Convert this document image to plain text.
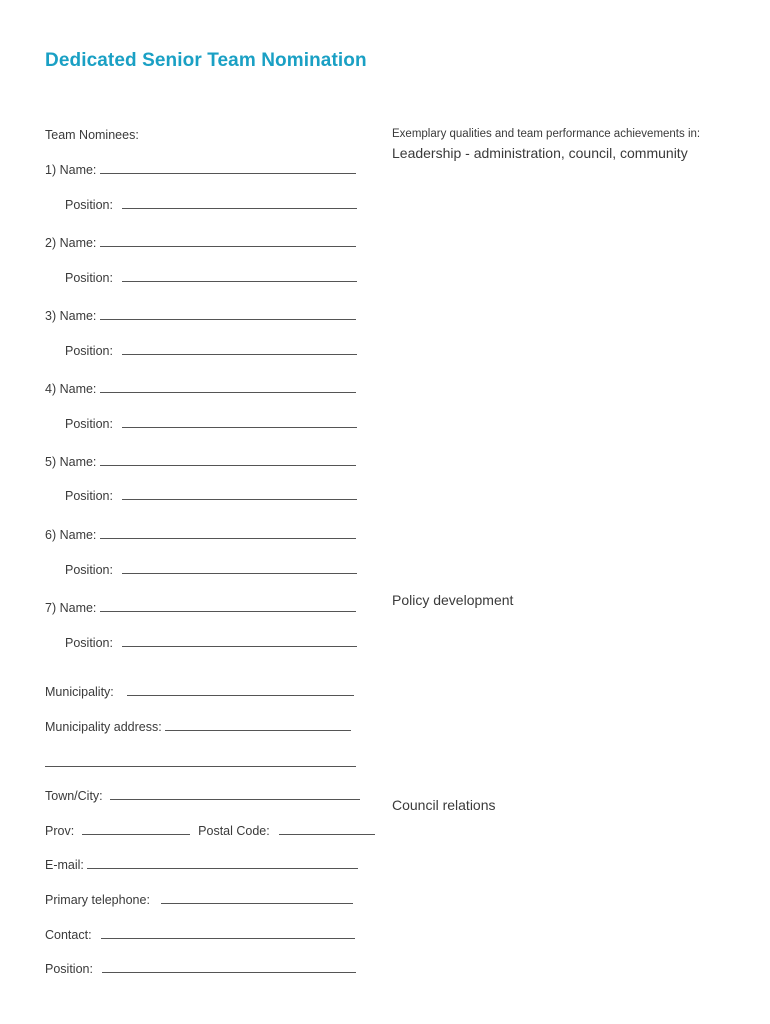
Dedicated Senior Team Nomination
Team Nominees:
1) Name:
Position:
2) Name:
Position:
3) Name:
Position:
4) Name:
Position:
5) Name:
Position:
6) Name:
Position:
7) Name:
Position:
Municipality:
Municipality address:
Town/City:
Prov:	Postal Code:
E-mail:
Primary telephone:
Contact:
Position:
Exemplary qualities and team performance achievements in:
Leadership - administration, council, community
Policy development
Council relations
